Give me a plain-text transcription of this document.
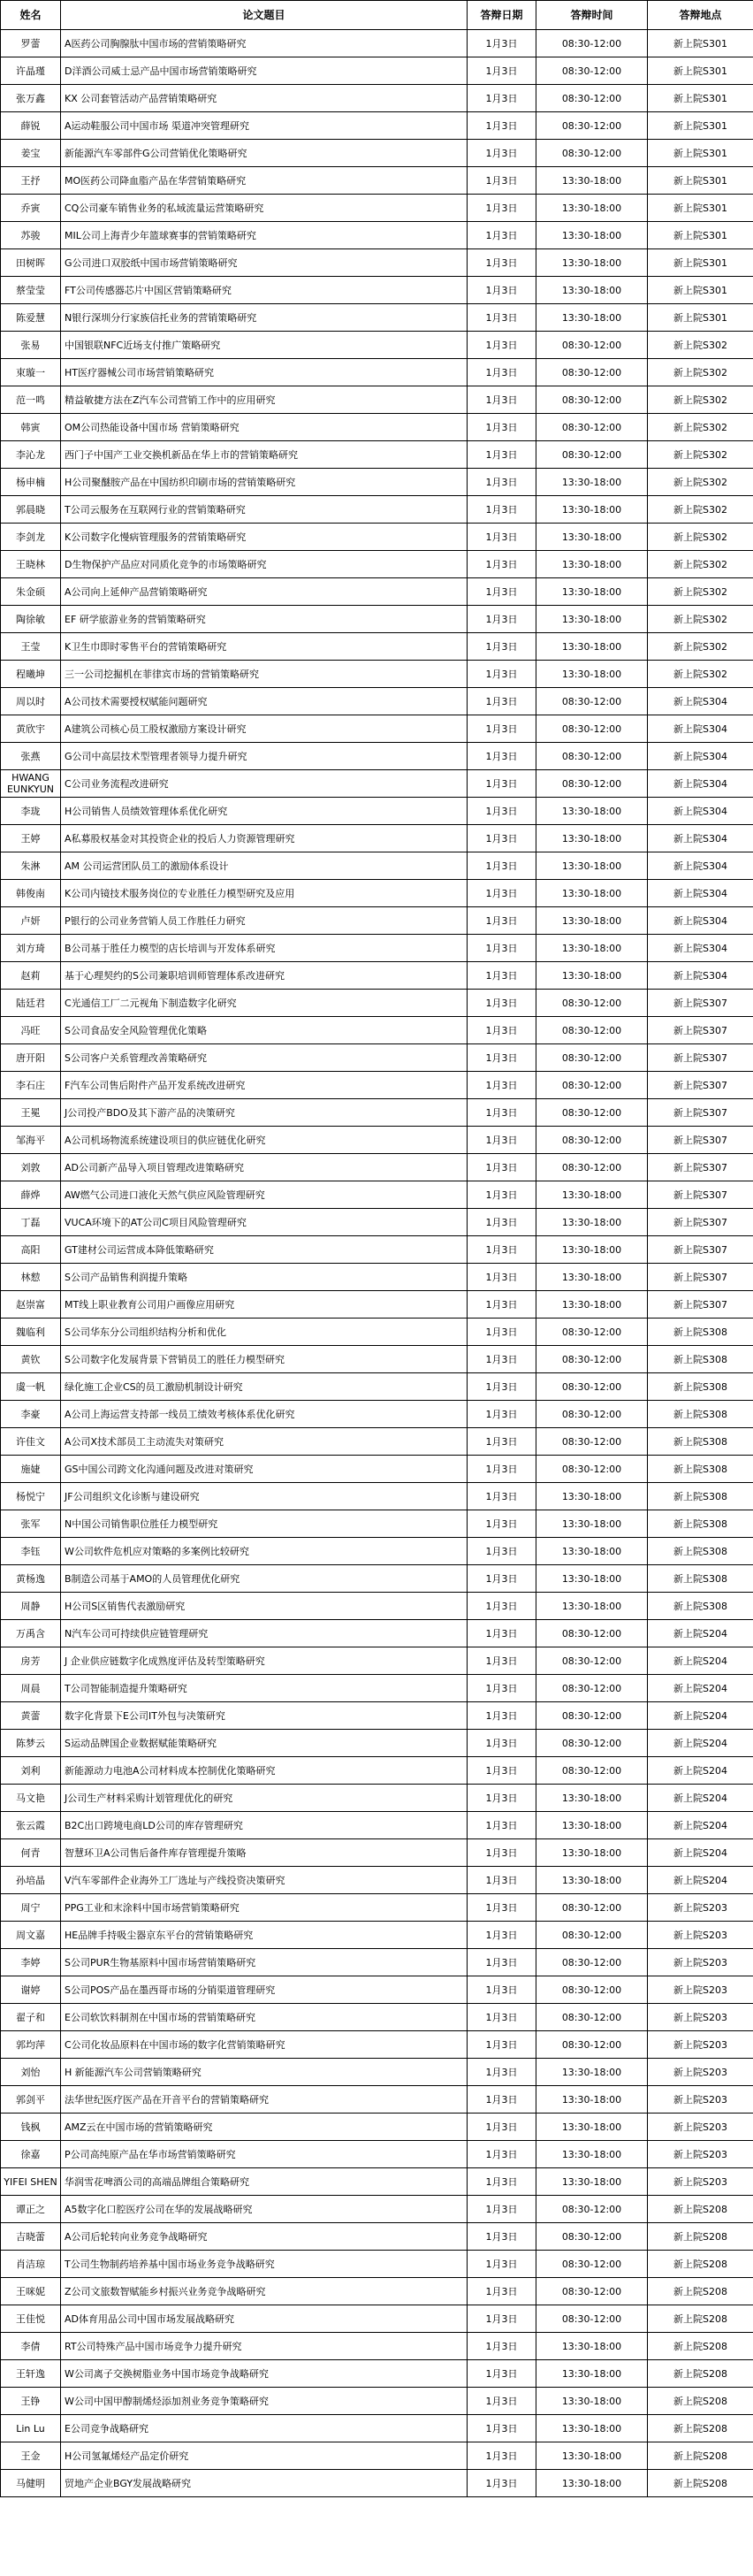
姓名	论文题目	答辩日期	答辩时间	答辩地点
罗蕾	A医药公司胸腺肽中国市场的营销策略研究	1月3日	08:30-12:00	新上院S301
许晶瑾	D洋酒公司威士忌产品中国市场营销策略研究	1月3日	08:30-12:00	新上院S301
张万鑫	KX 公司套管活动产品营销策略研究	1月3日	08:30-12:00	新上院S301
薛锐	A运动鞋服公司中国市场 渠道冲突管理研究	1月3日	08:30-12:00	新上院S301
姜宝	新能源汽车零部件G公司营销优化策略研究	1月3日	08:30-12:00	新上院S301
王抒	MO医药公司降血脂产品在华营销策略研究	1月3日	13:30-18:00	新上院S301
乔寅	CQ公司豪车销售业务的私域流量运营策略研究	1月3日	13:30-18:00	新上院S301
苏骏	MIL公司上海青少年篮球赛事的营销策略研究	1月3日	13:30-18:00	新上院S301
田树晖	G公司进口双胶纸中国市场营销策略研究	1月3日	13:30-18:00	新上院S301
蔡莹莹	FT公司传感器芯片中国区营销策略研究	1月3日	13:30-18:00	新上院S301
陈爱慧	N银行深圳分行家族信托业务的营销策略研究	1月3日	13:30-18:00	新上院S301
张易	中国银联NFC近场支付推广策略研究	1月3日	08:30-12:00	新上院S302
束璇一	HT医疗器械公司市场营销策略研究	1月3日	08:30-12:00	新上院S302
范一鸣	精益敏捷方法在Z汽车公司营销工作中的应用研究	1月3日	08:30-12:00	新上院S302
韩寅	OM公司热能设备中国市场 营销策略研究	1月3日	08:30-12:00	新上院S302
李沁龙	西门子中国产工业交换机新品在华上市的营销策略研究	1月3日	08:30-12:00	新上院S302
杨申楠	H公司聚醚胺产品在中国纺织印刷市场的营销策略研究	1月3日	13:30-18:00	新上院S302
郭晨晓	T公司云服务在互联网行业的营销策略研究	1月3日	13:30-18:00	新上院S302
李剑龙	K公司数字化慢病管理服务的营销策略研究	1月3日	13:30-18:00	新上院S302
王晓林	D生物保护产品应对同质化竞争的市场策略研究	1月3日	13:30-18:00	新上院S302
朱金硕	A公司向上延伸产品营销策略研究	1月3日	13:30-18:00	新上院S302
陶徐敏	EF 研学旅游业务的营销策略研究	1月3日	13:30-18:00	新上院S302
王莹	K卫生巾即时零售平台的营销策略研究	1月3日	13:30-18:00	新上院S302
程曦坤	三一公司挖掘机在菲律宾市场的营销策略研究	1月3日	13:30-18:00	新上院S302
周以时	A公司技术需要授权赋能问题研究	1月3日	08:30-12:00	新上院S304
黄欣宇	A建筑公司核心员工股权激励方案设计研究	1月3日	08:30-12:00	新上院S304
张燕	G公司中高层技术型管理者领导力提升研究	1月3日	08:30-12:00	新上院S304
HWANG EUNKYUN	C公司业务流程改进研究	1月3日	08:30-12:00	新上院S304
李珑	H公司销售人员绩效管理体系优化研究	1月3日	13:30-18:00	新上院S304
王婷	A私募股权基金对其投资企业的投后人力资源管理研究	1月3日	13:30-18:00	新上院S304
朱淋	AM 公司运营团队员工的激励体系设计	1月3日	13:30-18:00	新上院S304
韩俊南	K公司内镜技术服务岗位的专业胜任力模型研究及应用	1月3日	13:30-18:00	新上院S304
卢妍	P银行的公司业务营销人员工作胜任力研究	1月3日	13:30-18:00	新上院S304
刘方琦	B公司基于胜任力模型的店长培训与开发体系研究	1月3日	13:30-18:00	新上院S304
赵莉	基于心理契约的S公司兼职培训师管理体系改进研究	1月3日	13:30-18:00	新上院S304
陆廷君	C光通信工厂二元视角下制造数字化研究	1月3日	08:30-12:00	新上院S307
冯旺	S公司食品安全风险管理优化策略	1月3日	08:30-12:00	新上院S307
唐开阳	S公司客户关系管理改善策略研究	1月3日	08:30-12:00	新上院S307
李石庄	F汽车公司售后附件产品开发系统改进研究	1月3日	08:30-12:00	新上院S307
王冕	J公司投产BDO及其下游产品的决策研究	1月3日	08:30-12:00	新上院S307
邹海平	A公司机场物流系统建设项目的供应链优化研究	1月3日	08:30-12:00	新上院S307
刘敦	AD公司新产品导入项目管理改进策略研究	1月3日	08:30-12:00	新上院S307
薛烨	AW燃气公司进口液化天然气供应风险管理研究	1月3日	13:30-18:00	新上院S307
丁磊	VUCA环境下的AT公司C项目风险管理研究	1月3日	13:30-18:00	新上院S307
高阳	GT建材公司运营成本降低策略研究	1月3日	13:30-18:00	新上院S307
林愸	S公司产品销售利润提升策略	1月3日	13:30-18:00	新上院S307
赵崇富	MT线上职业教育公司用户画像应用研究	1月3日	13:30-18:00	新上院S307
魏临利	S公司华东分公司组织结构分析和优化	1月3日	08:30-12:00	新上院S308
黄钦	S公司数字化发展背景下营销员工的胜任力模型研究	1月3日	08:30-12:00	新上院S308
虞一帆	绿化施工企业CS的员工激励机制设计研究	1月3日	08:30-12:00	新上院S308
李豪	A公司上海运营支持部一线员工绩效考核体系优化研究	1月3日	08:30-12:00	新上院S308
许佳文	A公司X技术部员工主动流失对策研究	1月3日	08:30-12:00	新上院S308
施婕	GS中国公司跨文化沟通问题及改进对策研究	1月3日	08:30-12:00	新上院S308
杨悦宁	JF公司组织文化诊断与建设研究	1月3日	13:30-18:00	新上院S308
张军	N中国公司销售职位胜任力模型研究	1月3日	13:30-18:00	新上院S308
李钰	W公司软件危机应对策略的多案例比较研究	1月3日	13:30-18:00	新上院S308
黄杨逸	B制造公司基于AMO的人员管理优化研究	1月3日	13:30-18:00	新上院S308
周静	H公司S区销售代表激励研究	1月3日	13:30-18:00	新上院S308
万禹含	N汽车公司可持续供应链管理研究	1月3日	08:30-12:00	新上院S204
房芳	J 企业供应链数字化成熟度评估及转型策略研究	1月3日	08:30-12:00	新上院S204
周晨	T公司智能制造提升策略研究	1月3日	08:30-12:00	新上院S204
黄蕾	数字化背景下E公司IT外包与决策研究	1月3日	08:30-12:00	新上院S204
陈梦云	S运动品牌国企业数据赋能策略研究	1月3日	08:30-12:00	新上院S204
刘利	新能源动力电池A公司材料成本控制优化策略研究	1月3日	08:30-12:00	新上院S204
马文艳	J公司生产材料采购计划管理优化的研究	1月3日	13:30-18:00	新上院S204
张云霞	B2C出口跨境电商LD公司的库存管理研究	1月3日	13:30-18:00	新上院S204
何青	智慧环卫A公司售后备件库存管理提升策略	1月3日	13:30-18:00	新上院S204
孙培晶	V汽车零部件企业海外工厂选址与产线投资决策研究	1月3日	13:30-18:00	新上院S204
周宁	PPG工业和末涂料中国市场营销策略研究	1月3日	08:30-12:00	新上院S203
周文嘉	HE品牌手持吸尘器京东平台的营销策略研究	1月3日	08:30-12:00	新上院S203
李婷	S公司PUR生物基原料中国市场营销策略研究	1月3日	08:30-12:00	新上院S203
谢婷	S公司POS产品在墨西哥市场的分销渠道管理研究	1月3日	08:30-12:00	新上院S203
翟子和	E公司软饮料制剂在中国市场的营销策略研究	1月3日	08:30-12:00	新上院S203
郭均萍	C公司化妆品原料在中国市场的数字化营销策略研究	1月3日	08:30-12:00	新上院S203
刘怡	H 新能源汽车公司营销策略研究	1月3日	13:30-18:00	新上院S203
郭剑平	法华世纪医疗医产品在开音平台的营销策略研究	1月3日	13:30-18:00	新上院S203
钱枫	AMZ云在中国市场的营销策略研究	1月3日	13:30-18:00	新上院S203
徐嘉	P公司高纯原产品在华市场营销策略研究	1月3日	13:30-18:00	新上院S203
YIFEI SHEN	华润雪花啤酒公司的高端品牌组合策略研究	1月3日	13:30-18:00	新上院S203
谭正之	A5数字化口腔医疗公司在华的发展战略研究	1月3日	08:30-12:00	新上院S208
吉晓蕾	A公司后轮转向业务竞争战略研究	1月3日	08:30-12:00	新上院S208
肖洁琼	T公司生物制药培养基中国市场业务竞争战略研究	1月3日	08:30-12:00	新上院S208
王咪妮	Z公司文旅数智赋能乡村振兴业务竞争战略研究	1月3日	08:30-12:00	新上院S208
王佳悦	AD体育用品公司中国市场发展战略研究	1月3日	08:30-12:00	新上院S208
李倩	RT公司特殊产品中国市场竞争力提升研究	1月3日	13:30-18:00	新上院S208
王轩逸	W公司离子交换树脂业务中国市场竞争战略研究	1月3日	13:30-18:00	新上院S208
王铮	W公司中国甲醇制烯烃添加剂业务竞争策略研究	1月3日	13:30-18:00	新上院S208
Lin Lu	E公司竞争战略研究	1月3日	13:30-18:00	新上院S208
王金	H公司氢氟烯烃产品定价研究	1月3日	13:30-18:00	新上院S208
马健明	贸地产企业BGY发展战略研究	1月3日	13:30-18:00	新上院S208
